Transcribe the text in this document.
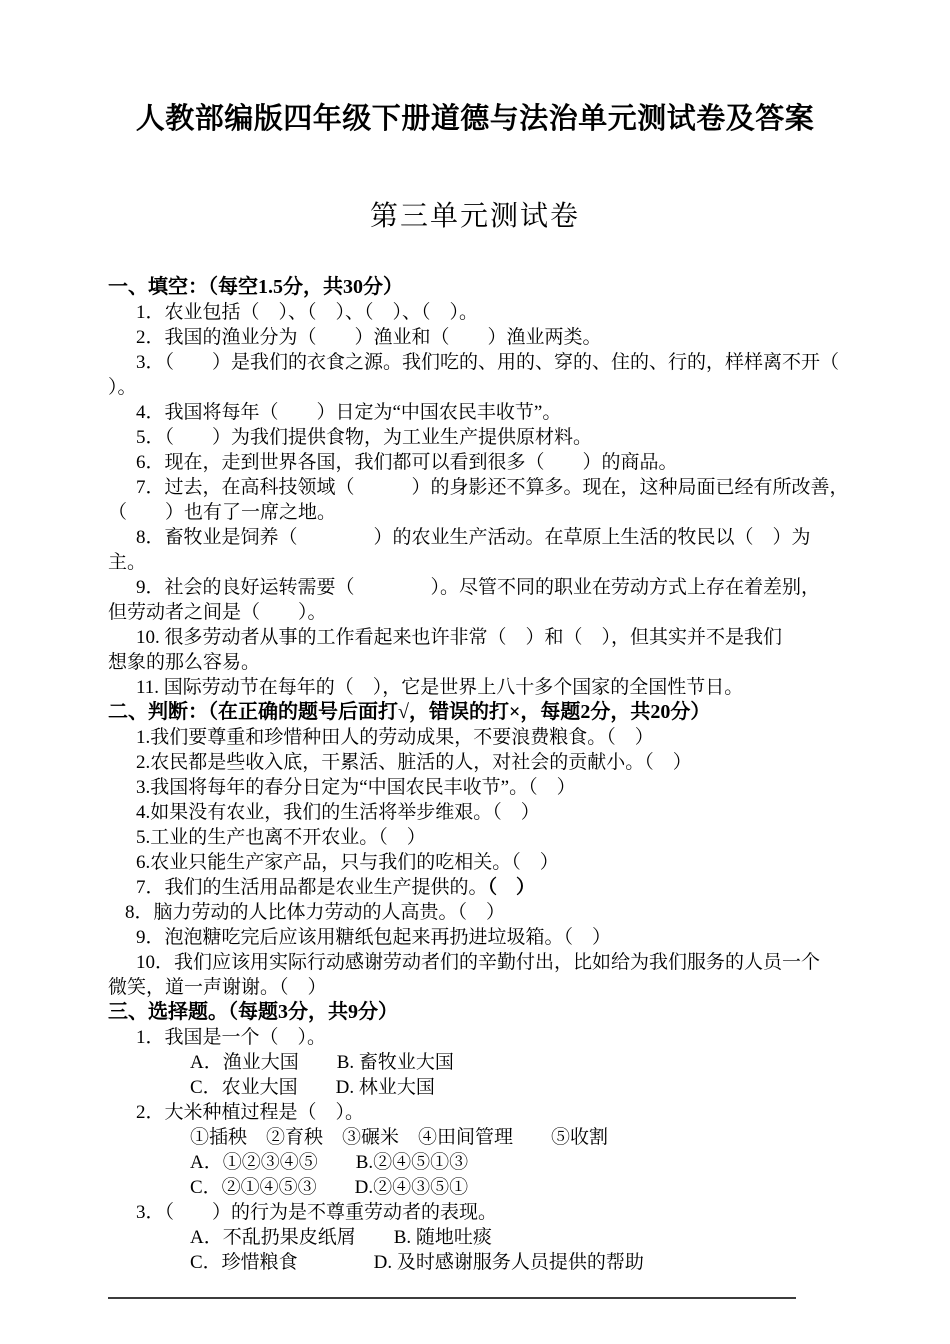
人教部编版四年级下册道德与法治单元测试卷及答案
第三单元测试卷
一、填空：（每空1.5分，共30分）
1．农业包括（　）、（　）、（　）、（　）。
2．我国的渔业分为（　　）渔业和（　　）渔业两类。
3．（　　）是我们的衣食之源。我们吃的、用的、穿的、住的、行的，样样离不开（
）。
4．我国将每年（　　）日定为“中国农民丰收节”。
5．（　　）为我们提供食物，为工业生产提供原材料。
6．现在，走到世界各国，我们都可以看到很多（　　）的商品。
7．过去，在高科技领域（　　　）的身影还不算多。现在，这种局面已经有所改善，
（　　）也有了一席之地。
8．畜牧业是饲养（　　　　）的农业生产活动。在草原上生活的牧民以（　）为
主。
9．社会的良好运转需要（　　　　）。尽管不同的职业在劳动方式上存在着差别，
但劳动者之间是（　　）。
10. 很多劳动者从事的工作看起来也许非常（　）和（　），但其实并不是我们
想象的那么容易。
11. 国际劳动节在每年的（　），它是世界上八十多个国家的全国性节日。
二、判断：（在正确的题号后面打√，错误的打×，每题2分，共20分）
1.我们要尊重和珍惜种田人的劳动成果，不要浪费粮食。（　）
2.农民都是些收入底，干累活、脏活的人，对社会的贡献小。（　）
3.我国将每年的春分日定为“中国农民丰收节”。（　）
4.如果没有农业，我们的生活将举步维艰。（　）
5.工业的生产也离不开农业。（　）
6.农业只能生产家产品，只与我们的吃相关。（　）
7．我们的生活用品都是农业生产提供的。（　）
8．脑力劳动的人比体力劳动的人高贵。（　）
9．泡泡糖吃完后应该用糖纸包起来再扔进垃圾箱。（　）
10．我们应该用实际行动感谢劳动者们的辛勤付出，比如给为我们服务的人员一个
微笑，道一声谢谢。（　）
三、选择题。（每题3分，共9分）
1．我国是一个（　）。
A．渔业大国　　B. 畜牧业大国
C．农业大国　　D. 林业大国
2．大米种植过程是（　）。
①插秧　②育秧　③碾米　④田间管理　　⑤收割
A．①②③④⑤　　B.②④⑤①③
C．②①④⑤③　　D.②④③⑤①
3．（　　）的行为是不尊重劳动者的表现。
A．不乱扔果皮纸屑　　B. 随地吐痰
C．珍惜粮食　　　　D. 及时感谢服务人员提供的帮助
